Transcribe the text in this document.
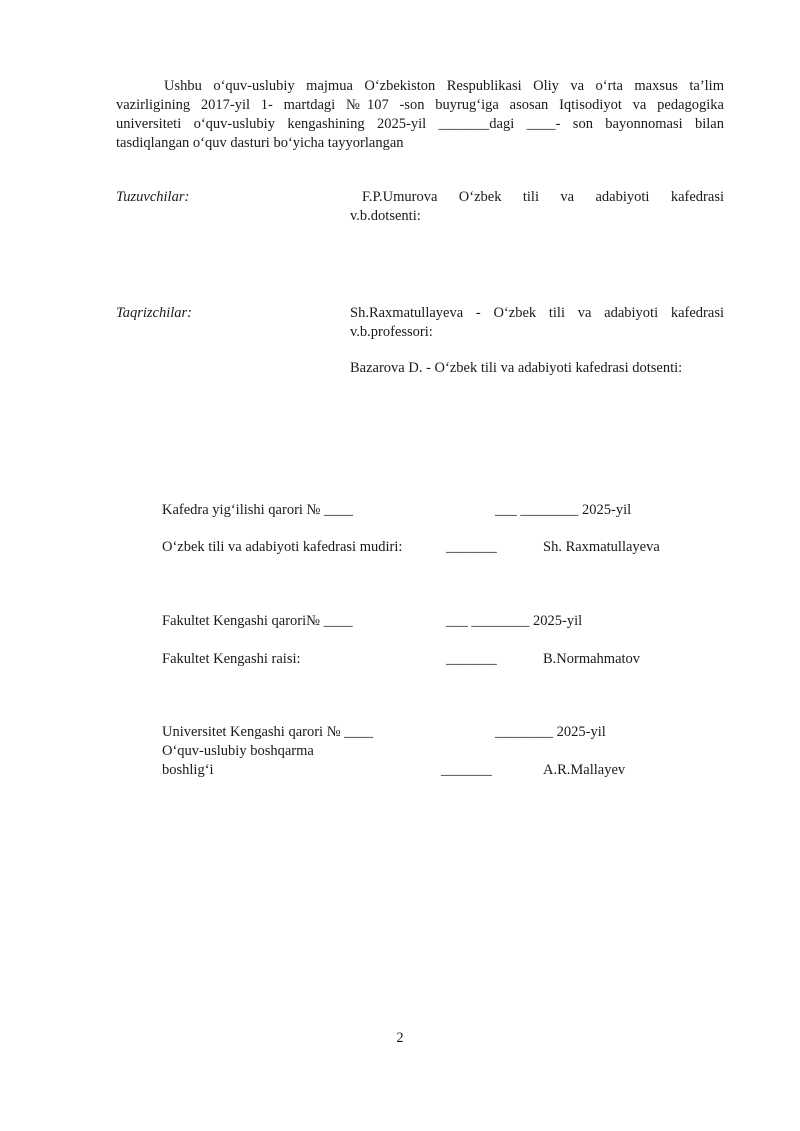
Ushbu o‘quv-uslubiy majmua O‘zbekiston Respublikasi Oliy va o‘rta maxsus ta’lim
vazirligining 2017-yil 1- martdagi №107 -son buyrug‘iga asosan Iqtisodiyot va pedagogika
universiteti o‘quv-uslubiy kengashining 2025-yil _______dagi ____- son bayonnomasi bilan
tasdiqlangan o‘quv dasturi bo‘yicha tayyorlangan
Tuzuvchilar:	F.P.Umurova O‘zbek tili va adabiyoti kafedrasi
v.b.dotsenti:
Taqrizchilar:	Sh.Raxmatullayeva - O‘zbek tili va adabiyoti kafedrasi
v.b.professori:
Bazarova D. - O‘zbek tili va adabiyoti kafedrasi dotsenti:
Kafedra yig‘ilishi qarori № ____	___ ________ 2025-yil
O‘zbek tili va adabiyoti kafedrasi mudiri:	_______	Sh. Raxmatullayeva
Fakultet Kengashi qarori№ ____	___ ________ 2025-yil
Fakultet Kengashi raisi:	_______	B.Normahmatov
Universitet Kengashi qarori № ____	________ 2025-yil
O‘quv-uslubiy boshqarma
boshlig‘i	_______	A.R.Mallayev
2
